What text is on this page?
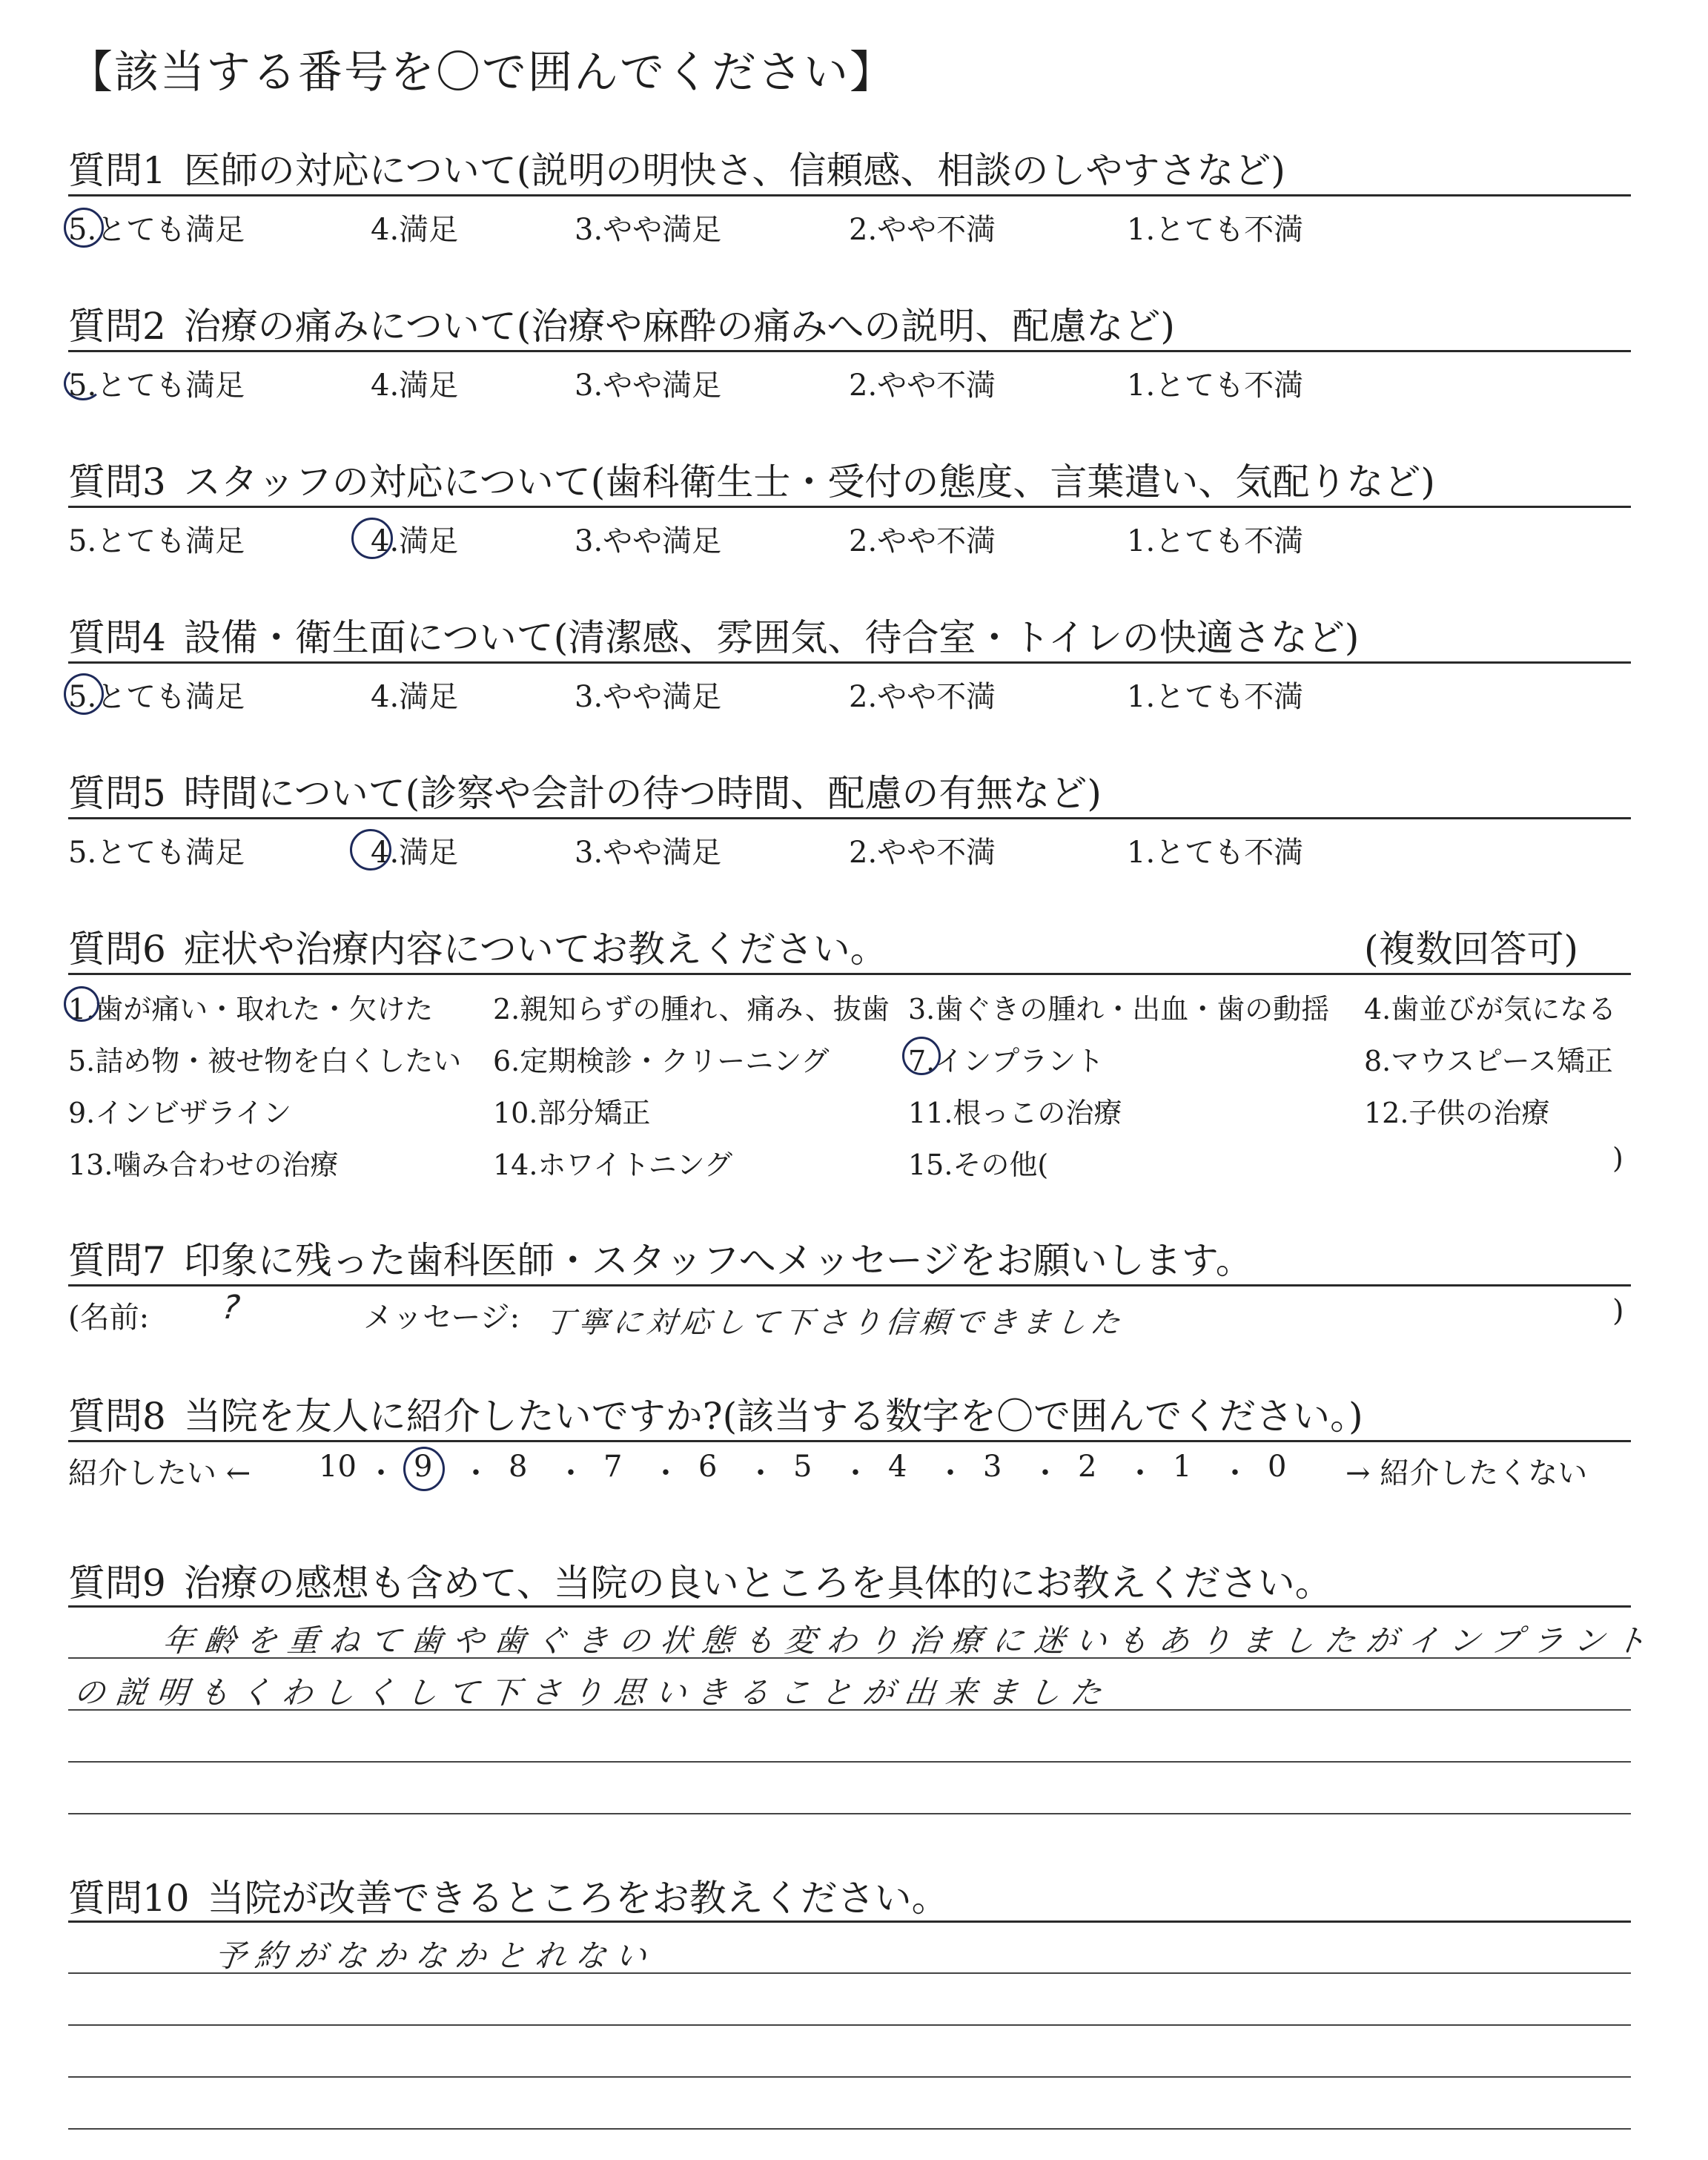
【該当する番号を〇で囲んでください】
質問1 医師の対応について(説明の明快さ、信頼感、相談のしやすさなど)
5.とても満足	4.満足	3.やや満足	2.やや不満	1.とても不満
質問2 治療の痛みについて(治療や麻酔の痛みへの説明、配慮など)
5.とても満足	4.満足	3.やや満足	2.やや不満	1.とても不満
質問3 スタッフの対応について(歯科衛生士・受付の態度、言葉遣い、気配りなど)
5.とても満足	4.満足	3.やや満足	2.やや不満	1.とても不満
質問4 設備・衛生面について(清潔感、雰囲気、待合室・トイレの快適さなど)
5.とても満足	4.満足	3.やや満足	2.やや不満	1.とても不満
質問5 時間について(診察や会計の待つ時間、配慮の有無など)
5.とても満足	4.満足	3.やや満足	2.やや不満	1.とても不満
質問6 症状や治療内容についてお教えください。	(複数回答可)
1.歯が痛い・取れた・欠けた 2.親知らずの腫れ、痛み、抜歯 3.歯ぐきの腫れ・出血・歯の動揺 4.歯並びが気になる
5.詰め物・被せ物を白くしたい 6.定期検診・クリーニング	7.インプラント	8.マウスピース矯正
9.インビザライン	10.部分矯正	11.根っこの治療	12.子供の治療
13.噛み合わせの治療	14.ホワイトニング	15.その他(	)
質問7 印象に残った歯科医師・スタッフへメッセージをお願いします。
(名前: ?	メッセージ: 丁寧に対応して下さり信頼できました	)
質問8 当院を友人に紹介したいですか?(該当する数字を〇で囲んでください。)
紹介したい ← 10 ・ 9 ・ 8 ・ 7 ・ 6 ・ 5 ・ 4 ・ 3 ・ 2 ・ 1 ・ 0 → 紹介したくない
質問9 治療の感想も含めて、当院の良いところを具体的にお教えください。
年齢を重ねて歯や歯ぐきの状態も変わり治療に迷いもありましたがインプラント
の説明もくわしくして下さり思いきることが出来ました
質問10 当院が改善できるところをお教えください。
予約がなかなかとれない
